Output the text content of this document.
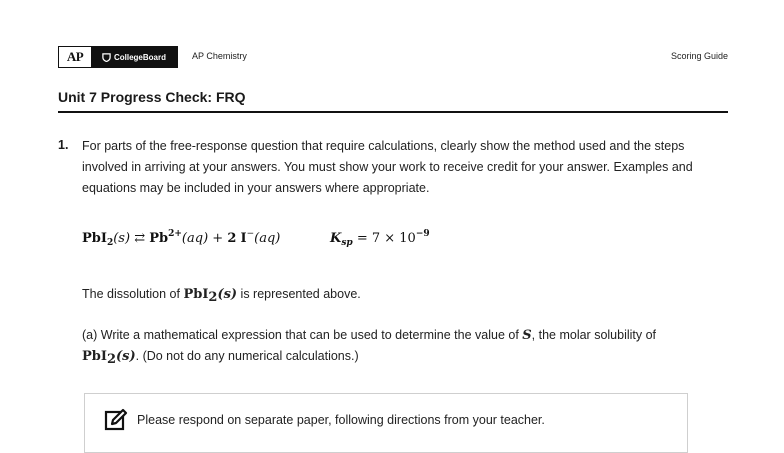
AP	CollegeBoard	AP Chemistry	Scoring Guide
Unit 7 Progress Check: FRQ
1. For parts of the free-response question that require calculations, clearly show the method used and the steps involved in arriving at your answers. You must show your work to receive credit for your answer. Examples and equations may be included in your answers where appropriate.
PbI$_2$(s) ⇄ $Pb^{2+}(aq) + 2$ I−(aq)	$K_{sp} = 7 \times 10^{-9}$
The dissolution of PbI2(s) is represented above.
(a) Write a mathematical expression that can be used to determine the value of S, the molar solubility of PbI2(s). (Do not do any numerical calculations.)
Please respond on separate paper, following directions from your teacher.
